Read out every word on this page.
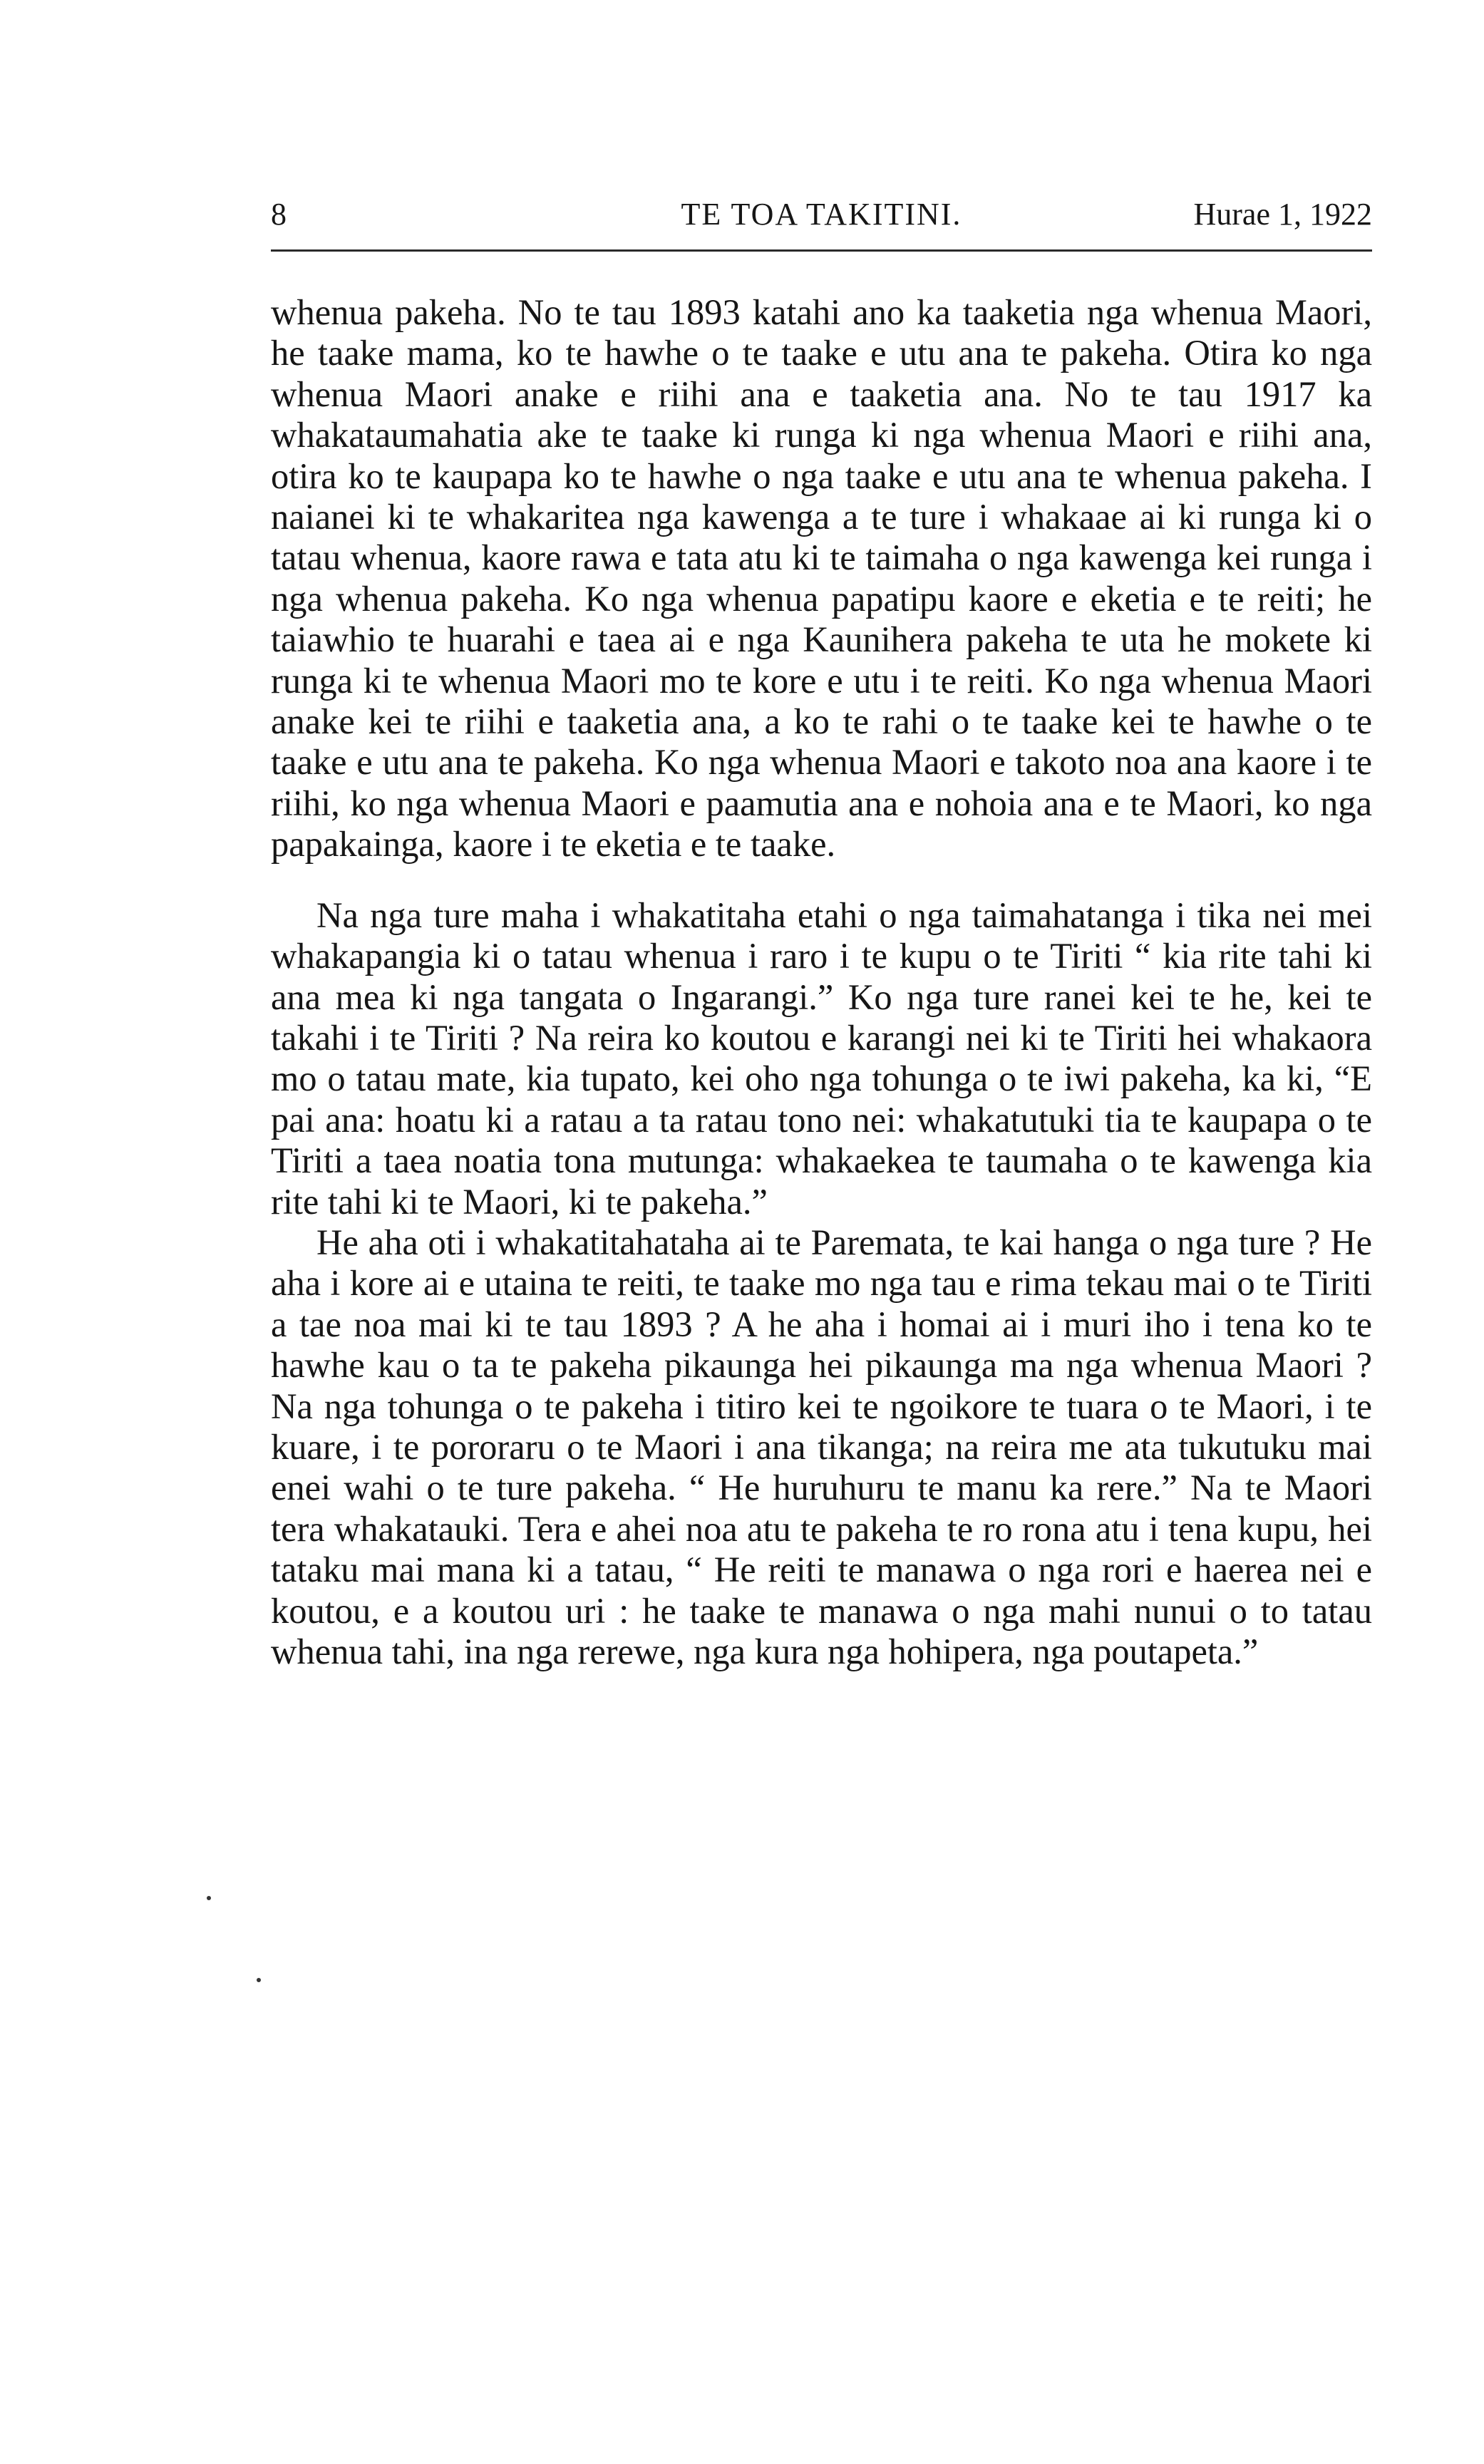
8	TE TOA TAKITINI.	Hurae 1, 1922

whenua pakeha. No te tau 1893 katahi ano ka taaketia nga whenua Maori, he taake mama, ko te hawhe o te taake e utu ana te pakeha. Otira ko nga whenua Maori anake e riihi ana e taaketia ana. No te tau 1917 ka whakataumahatia ake te taake ki runga ki nga whenua Maori e riihi ana, otira ko te kaupapa ko te hawhe o nga taake e utu ana te whenua pakeha. I naianei ki te whakaritea nga kawenga a te ture i whakaae ai ki runga ki o tatau whenua, kaore rawa e tata atu ki te taimaha o nga kawenga kei runga i nga whenua pakeha. Ko nga whenua papatipu kaore e eketia e te reiti; he taiawhio te huarahi e taea ai e nga Kaunihera pakeha te uta he mokete ki runga ki te whenua Maori mo te kore e utu i te reiti. Ko nga whenua Maori anake kei te riihi e taaketia ana, a ko te rahi o te taake kei te hawhe o te taake e utu ana te pakeha. Ko nga whenua Maori e takoto noa ana kaore i te riihi, ko nga whenua Maori e paamutia ana e nohoia ana e te Maori, ko nga papakainga, kaore i te eketia e te taake.

Na nga ture maha i whakatitaha etahi o nga taimahatanga i tika nei mei whakapangia ki o tatau whenua i raro i te kupu o te Tiriti “ kia rite tahi ki ana mea ki nga tangata o Ingarangi.” Ko nga ture ranei kei te he, kei te takahi i te Tiriti ? Na reira ko koutou e karangi nei ki te Tiriti hei whakaora mo o tatau mate, kia tupato, kei oho nga tohunga o te iwi pakeha, ka ki, “E pai ana: hoatu ki a ratau a ta ratau tono nei: whakatutuki tia te kaupapa o te Tiriti a taea noatia tona mutunga: whakaekea te taumaha o te kawenga kia rite tahi ki te Maori, ki te pakeha.”

He aha oti i whakatitahataha ai te Paremata, te kai hanga o nga ture ? He aha i kore ai e utaina te reiti, te taake mo nga tau e rima tekau mai o te Tiriti a tae noa mai ki te tau 1893 ? A he aha i homai ai i muri iho i tena ko te hawhe kau o ta te pakeha pikaunga hei pikaunga ma nga whenua Maori ? Na nga tohunga o te pakeha i titiro kei te ngoikore te tuara o te Maori, i te kuare, i te pororaru o te Maori i ana tikanga; na reira me ata tukutuku mai enei wahi o te ture pakeha. “ He huruhuru te manu ka rere.” Na te Maori tera whakatauki. Tera e ahei noa atu te pakeha te ro rona atu i tena kupu, hei tataku mai mana ki a tatau, “ He reiti te manawa o nga rori e haerea nei e koutou, e a koutou uri : he taake te manawa o nga mahi nunui o to tatau whenua tahi, ina nga rerewe, nga kura nga hohipera, nga poutapeta.”
